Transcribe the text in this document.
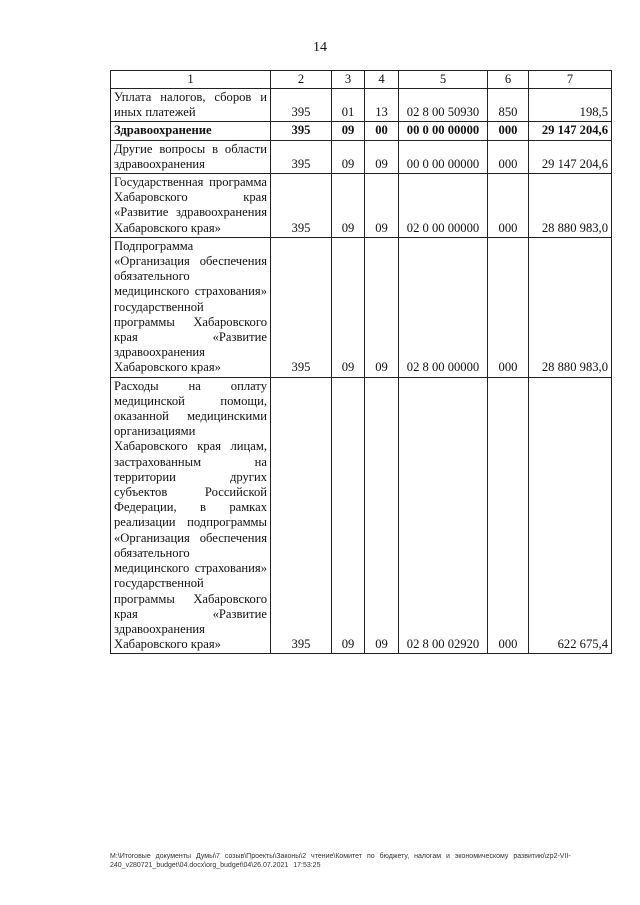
14
1	2	3	4	5	6	7
Уплата налогов, сборов и иных платежей	395	01	13	02 8 00 50930	850	198,5
Здравоохранение	395	09	00	00 0 00 00000	000	29 147 204,6
Другие вопросы в области здравоохранения	395	09	09	00 0 00 00000	000	29 147 204,6
Государственная программа Хабаровского края «Развитие здравоохранения Хабаровского края»	395	09	09	02 0 00 00000	000	28 880 983,0
Подпрограмма «Организация обеспечения обязательного медицинского страхования» государственной программы Хабаровского края «Развитие здравоохранения Хабаровского края»	395	09	09	02 8 00 00000	000	28 880 983,0
Расходы на оплату медицинской помощи, оказанной медицинскими организациями Хабаровского края лицам, застрахованным на территории других субъектов Российской Федерации, в рамках реализации подпрограммы «Организация обеспечения обязательного медицинского страхования» государственной программы Хабаровского края «Развитие здравоохранения Хабаровского края»	395	09	09	02 8 00 02920	000	622 675,4
M:\Итоговые документы Думы\7 созыв\Проекты\Законы\2 чтение\Комитет по бюджету, налогам и экономическому развитию\zp2-VII-240_v280721_budget\04.docx\org_budget\04\26.07.2021 17:53:25
